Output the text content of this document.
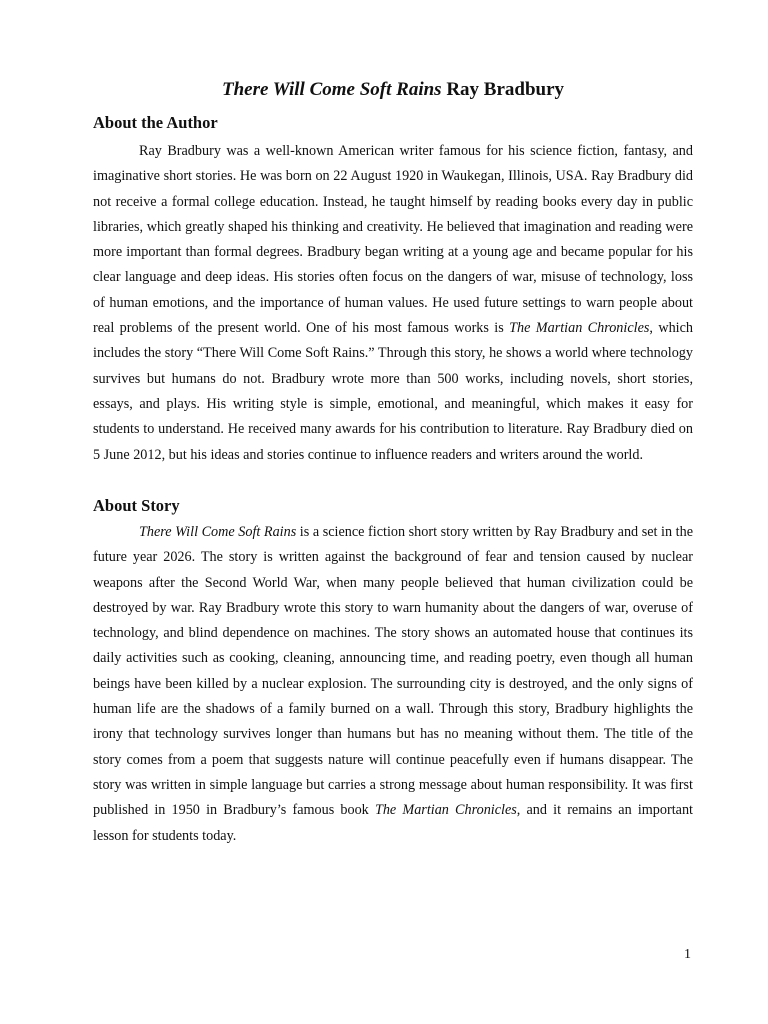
There Will Come Soft Rains Ray Bradbury
About the Author

Ray Bradbury was a well-known American writer famous for his science fiction, fantasy, and imaginative short stories. He was born on 22 August 1920 in Waukegan, Illinois, USA. Ray Bradbury did not receive a formal college education. Instead, he taught himself by reading books every day in public libraries, which greatly shaped his thinking and creativity. He believed that imagination and reading were more important than formal degrees. Bradbury began writing at a young age and became popular for his clear language and deep ideas. His stories often focus on the dangers of war, misuse of technology, loss of human emotions, and the importance of human values. He used future settings to warn people about real problems of the present world. One of his most famous works is The Martian Chronicles, which includes the story “There Will Come Soft Rains.” Through this story, he shows a world where technology survives but humans do not. Bradbury wrote more than 500 works, including novels, short stories, essays, and plays. His writing style is simple, emotional, and meaningful, which makes it easy for students to understand. He received many awards for his contribution to literature. Ray Bradbury died on 5 June 2012, but his ideas and stories continue to influence readers and writers around the world.

About Story

There Will Come Soft Rains is a science fiction short story written by Ray Bradbury and set in the future year 2026. The story is written against the background of fear and tension caused by nuclear weapons after the Second World War, when many people believed that human civilization could be destroyed by war. Ray Bradbury wrote this story to warn humanity about the dangers of war, overuse of technology, and blind dependence on machines. The story shows an automated house that continues its daily activities such as cooking, cleaning, announcing time, and reading poetry, even though all human beings have been killed by a nuclear explosion. The surrounding city is destroyed, and the only signs of human life are the shadows of a family burned on a wall. Through this story, Bradbury highlights the irony that technology survives longer than humans but has no meaning without them. The title of the story comes from a poem that suggests nature will continue peacefully even if humans disappear. The story was written in simple language but carries a strong message about human responsibility. It was first published in 1950 in Bradbury’s famous book The Martian Chronicles, and it remains an important lesson for students today.

1
